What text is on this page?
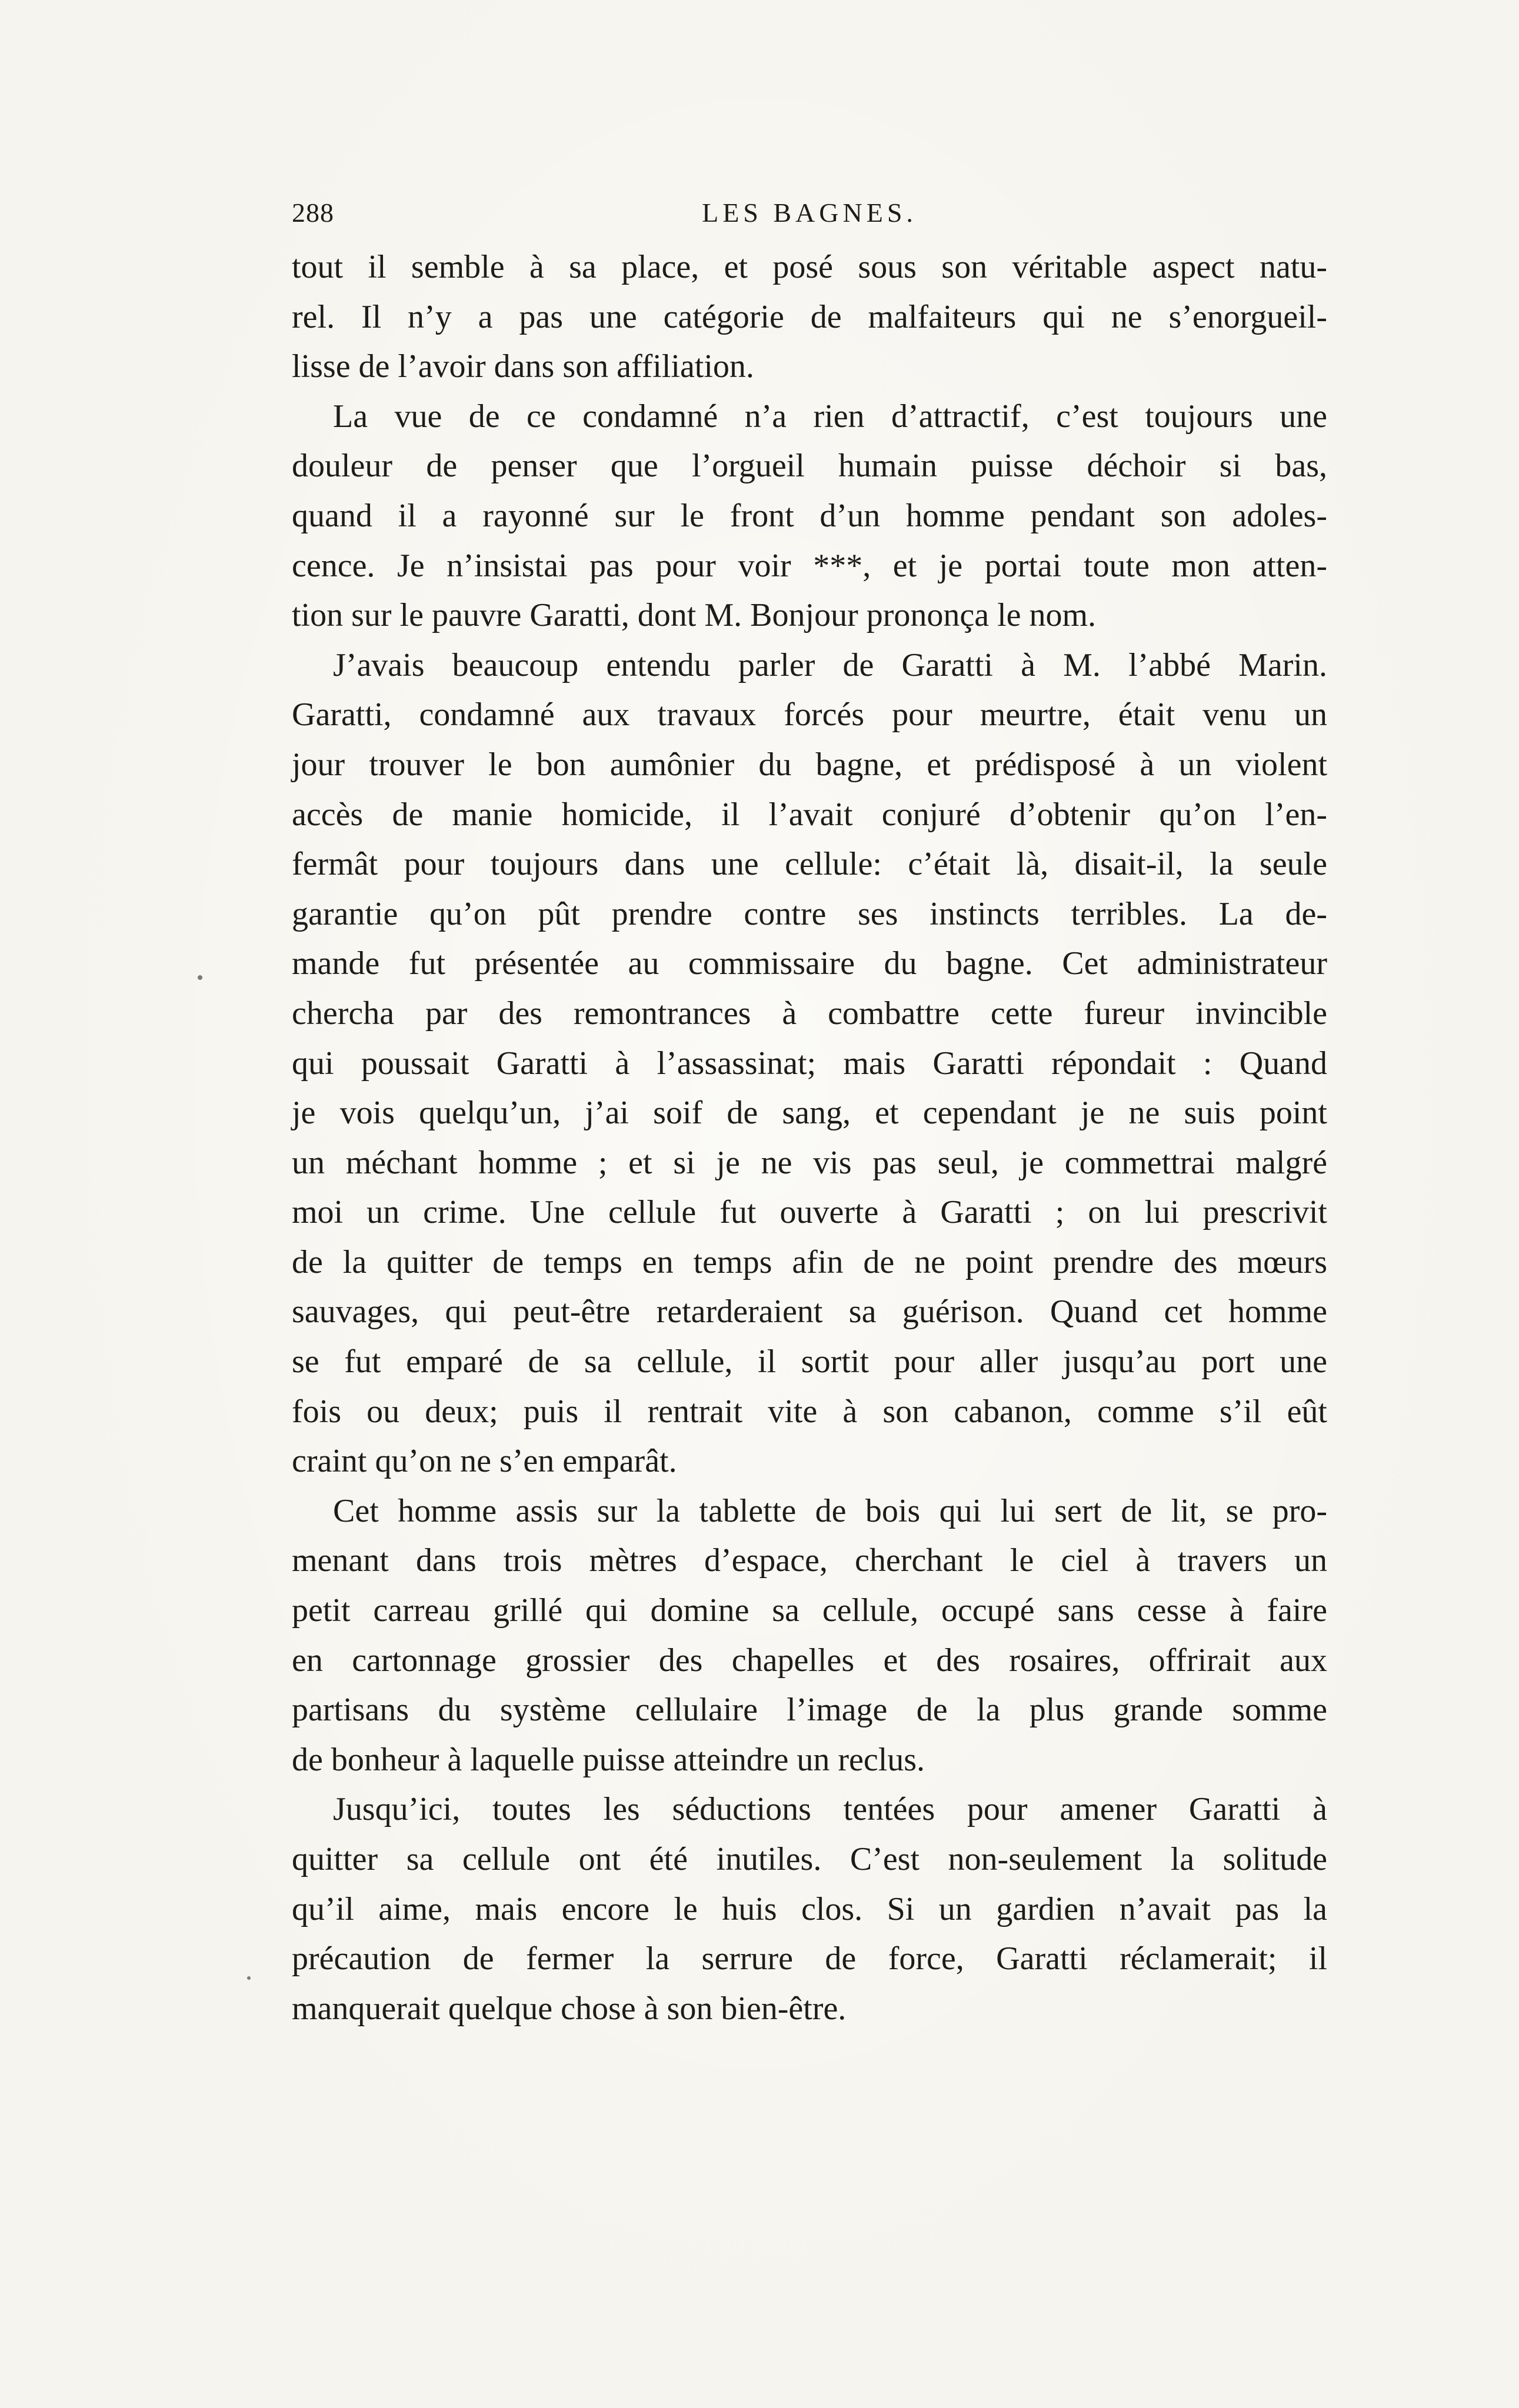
288	LES BAGNES.
tout il semble à sa place, et posé sous son véritable aspect natu-
rel. Il n’y a pas une catégorie de malfaiteurs qui ne s’enorgueil-
lisse de l’avoir dans son affiliation.
La vue de ce condamné n’a rien d’attractif, c’est toujours une
douleur de penser que l’orgueil humain puisse déchoir si bas,
quand il a rayonné sur le front d’un homme pendant son adoles-
cence. Je n’insistai pas pour voir ***, et je portai toute mon atten-
tion sur le pauvre Garatti, dont M. Bonjour prononça le nom.
J’avais beaucoup entendu parler de Garatti à M. l’abbé Marin.
Garatti, condamné aux travaux forcés pour meurtre, était venu un
jour trouver le bon aumônier du bagne, et prédisposé à un violent
accès de manie homicide, il l’avait conjuré d’obtenir qu’on l’en-
fermât pour toujours dans une cellule: c’était là, disait-il, la seule
garantie qu’on pût prendre contre ses instincts terribles. La de-
mande fut présentée au commissaire du bagne. Cet administrateur
chercha par des remontrances à combattre cette fureur invincible
qui poussait Garatti à l’assassinat; mais Garatti répondait : Quand
je vois quelqu’un, j’ai soif de sang, et cependant je ne suis point
un méchant homme ; et si je ne vis pas seul, je commettrai malgré
moi un crime. Une cellule fut ouverte à Garatti ; on lui prescrivit
de la quitter de temps en temps afin de ne point prendre des mœurs
sauvages, qui peut-être retarderaient sa guérison. Quand cet homme
se fut emparé de sa cellule, il sortit pour aller jusqu’au port une
fois ou deux; puis il rentrait vite à son cabanon, comme s’il eût
craint qu’on ne s’en emparât.
Cet homme assis sur la tablette de bois qui lui sert de lit, se pro-
menant dans trois mètres d’espace, cherchant le ciel à travers un
petit carreau grillé qui domine sa cellule, occupé sans cesse à faire
en cartonnage grossier des chapelles et des rosaires, offrirait aux
partisans du système cellulaire l’image de la plus grande somme
de bonheur à laquelle puisse atteindre un reclus.
Jusqu’ici, toutes les séductions tentées pour amener Garatti à
quitter sa cellule ont été inutiles. C’est non-seulement la solitude
qu’il aime, mais encore le huis clos. Si un gardien n’avait pas la
précaution de fermer la serrure de force, Garatti réclamerait; il
manquerait quelque chose à son bien-être.
